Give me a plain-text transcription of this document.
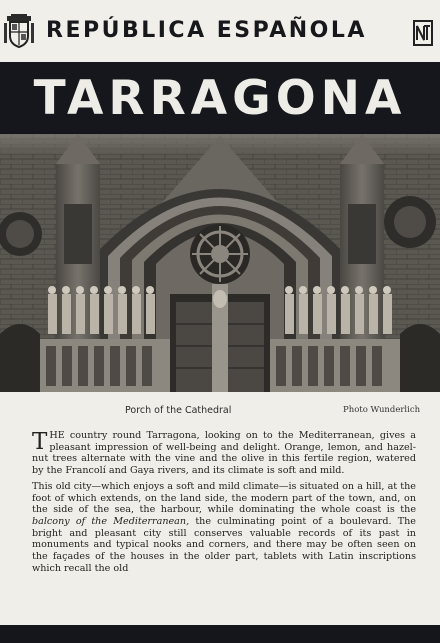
REPÚBLICA ESPAÑOLA
TARRAGONA
Porch of the Cathedral	Photo Wunderlich

THE country round Tarragona, looking on to the Mediterranean, gives a pleasant impression of well-being and delight. Orange, lemon, and hazel-nut trees alternate with the vine and the olive in this fertile region, watered by the Francolí and Gaya rivers, and its climate is soft and mild.

This old city—which enjoys a soft and mild climate—is situated on a hill, at the foot of which extends, on the land side, the modern part of the town, and, on the side of the sea, the harbour, while dominating the whole coast is the balcony of the Mediterranean, the culminating point of a boulevard. The bright and pleasant city still conserves valuable records of its past in monuments and typical nooks and corners, and there may be often seen on the façades of the houses in the older part, tablets with Latin inscriptions which recall the old
